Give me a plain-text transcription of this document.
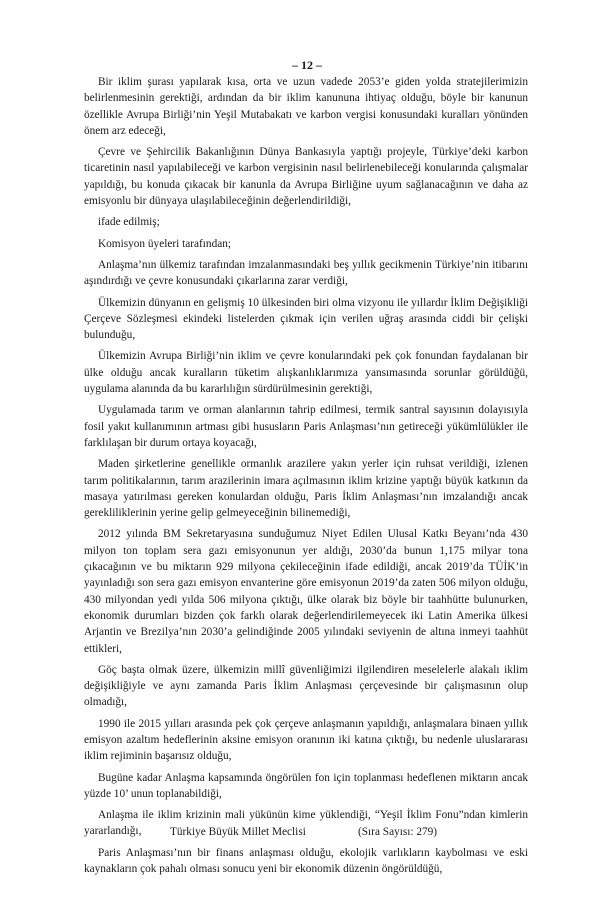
– 12 –

Bir iklim şurası yapılarak kısa, orta ve uzun vadede 2053’e giden yolda stratejilerimizin belirlenmesinin gerektiği, ardından da bir iklim kanununa ihtiyaç olduğu, böyle bir kanunun özellikle Avrupa Birliği’nin Yeşil Mutabakatı ve karbon vergisi konusundaki kuralları yönünden önem arz edeceği,

Çevre ve Şehircilik Bakanlığının Dünya Bankasıyla yaptığı projeyle, Türkiye’deki karbon ticaretinin nasıl yapılabileceği ve karbon vergisinin nasıl belirlenebileceği konularında çalışmalar yapıldığı, bu konuda çıkacak bir kanunla da Avrupa Birliğine uyum sağlanacağının ve daha az emisyonlu bir dünyaya ulaşılabileceğinin değerlendirildiği,

ifade edilmiş;

Komisyon üyeleri tarafından;

Anlaşma’nın ülkemiz tarafından imzalanmasındaki beş yıllık gecikmenin Türkiye’nin itibarını aşındırdığı ve çevre konusundaki çıkarlarına zarar verdiği,

Ülkemizin dünyanın en gelişmiş 10 ülkesinden biri olma vizyonu ile yıllardır İklim Değişikliği Çerçeve Sözleşmesi ekindeki listelerden çıkmak için verilen uğraş arasında ciddi bir çelişki bulunduğu,

Ülkemizin Avrupa Birliği’nin iklim ve çevre konularındaki pek çok fonundan faydalanan bir ülke olduğu ancak kuralların tüketim alışkanlıklarımıza yansımasında sorunlar görüldüğü, uygulama alanında da bu kararlılığın sürdürülmesinin gerektiği,

Uygulamada tarım ve orman alanlarının tahrip edilmesi, termik santral sayısının dolayısıyla fosil yakıt kullanımının artması gibi hususların Paris Anlaşması’nın getireceği yükümlülükler ile farklılaşan bir durum ortaya koyacağı,

Maden şirketlerine genellikle ormanlık arazilere yakın yerler için ruhsat verildiği, izlenen tarım politikalarının, tarım arazilerinin imara açılmasının iklim krizine yaptığı büyük katkının da masaya yatırılması gereken konulardan olduğu, Paris İklim Anlaşması’nın imzalandığı ancak gerekliliklerinin yerine gelip gelmeyeceğinin bilinemediği,

2012 yılında BM Sekretaryasına sunduğumuz Niyet Edilen Ulusal Katkı Beyanı’nda 430 milyon ton toplam sera gazı emisyonunun yer aldığı, 2030’da bunun 1,175 milyar tona çıkacağının ve bu miktarın 929 milyona çekileceğinin ifade edildiği, ancak 2019’da TÜİK’in yayınladığı son sera gazı emisyon envanterine göre emisyonun 2019’da zaten 506 milyon olduğu, 430 milyondan yedi yılda 506 milyona çıktığı, ülke olarak biz böyle bir taahhütte bulunurken, ekonomik durumları bizden çok farklı olarak değerlendirilemeyecek iki Latin Amerika ülkesi Arjantin ve Brezilya’nın 2030’a gelindiğinde 2005 yılındaki seviyenin de altına inmeyi taahhüt ettikleri,

Göç başta olmak üzere, ülkemizin millî güvenliğimizi ilgilendiren meselelerle alakalı iklim değişikliğiyle ve aynı zamanda Paris İklim Anlaşması çerçevesinde bir çalışmasının olup olmadığı,

1990 ile 2015 yılları arasında pek çok çerçeve anlaşmanın yapıldığı, anlaşmalara binaen yıllık emisyon azaltım hedeflerinin aksine emisyon oranının iki katına çıktığı, bu nedenle uluslararası iklim rejiminin başarısız olduğu,

Bugüne kadar Anlaşma kapsamında öngörülen fon için toplanması hedeflenen miktarın ancak yüzde 10’ unun toplanabildiği,

Anlaşma ile iklim krizinin mali yükünün kime yüklendiği, “Yeşil İklim Fonu”ndan kimlerin yararlandığı,

Paris Anlaşması’nın bir finans anlaşması olduğu, ekolojik varlıkların kaybolması ve eski kaynakların çok pahalı olması sonucu yeni bir ekonomik düzenin öngörüldüğü,

Türkiye Büyük Millet Meclisi	(Sıra Sayısı: 279)
